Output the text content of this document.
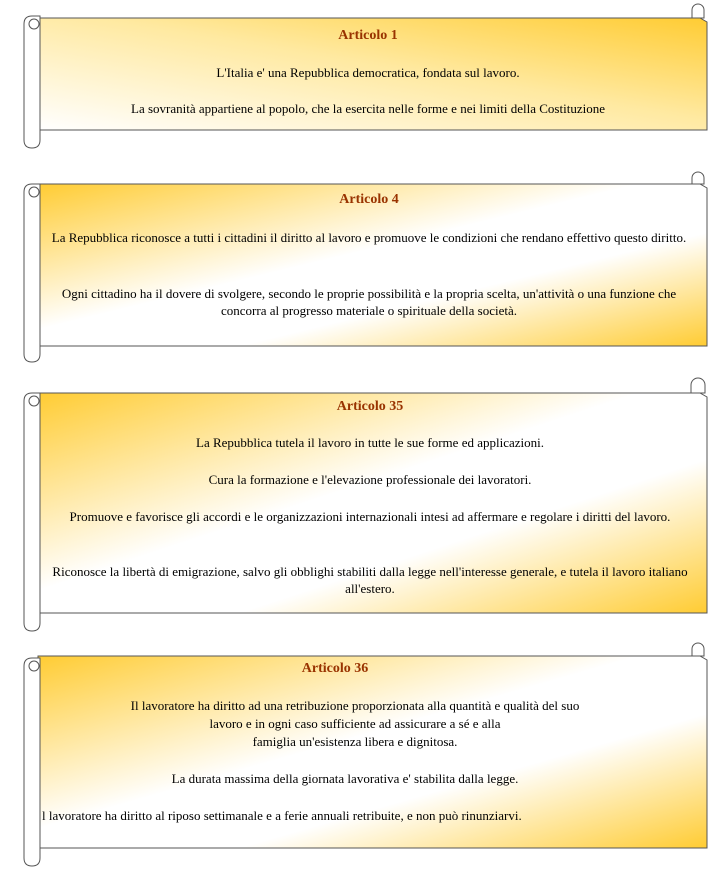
Articolo 1

L'Italia e' una Repubblica democratica, fondata sul lavoro.

La sovranità appartiene al popolo, che la esercita nelle forme e nei limiti della Costituzione

Articolo 4

La Repubblica riconosce a tutti i cittadini il diritto al lavoro e promuove le condizioni che rendano effettivo questo diritto.

Ogni cittadino ha il dovere di svolgere, secondo le proprie possibilità e la propria scelta, un'attività o una funzione che concorra al progresso materiale o spirituale della società.

Articolo 35

La Repubblica tutela il lavoro in tutte le sue forme ed applicazioni.

Cura la formazione e l'elevazione professionale dei lavoratori.

Promuove e favorisce gli accordi e le organizzazioni internazionali intesi ad affermare e regolare i diritti del lavoro.

Riconosce la libertà di emigrazione, salvo gli obblighi stabiliti dalla legge nell'interesse generale, e tutela il lavoro italiano all'estero.

Articolo 36

Il lavoratore ha diritto ad una retribuzione proporzionata alla quantità e qualità del suo

lavoro e in ogni caso sufficiente ad assicurare a sé e alla

famiglia un'esistenza libera e dignitosa.

La durata massima della giornata lavorativa e' stabilita dalla legge.

l lavoratore ha diritto al riposo settimanale e a ferie annuali retribuite, e non può rinunziarvi.
